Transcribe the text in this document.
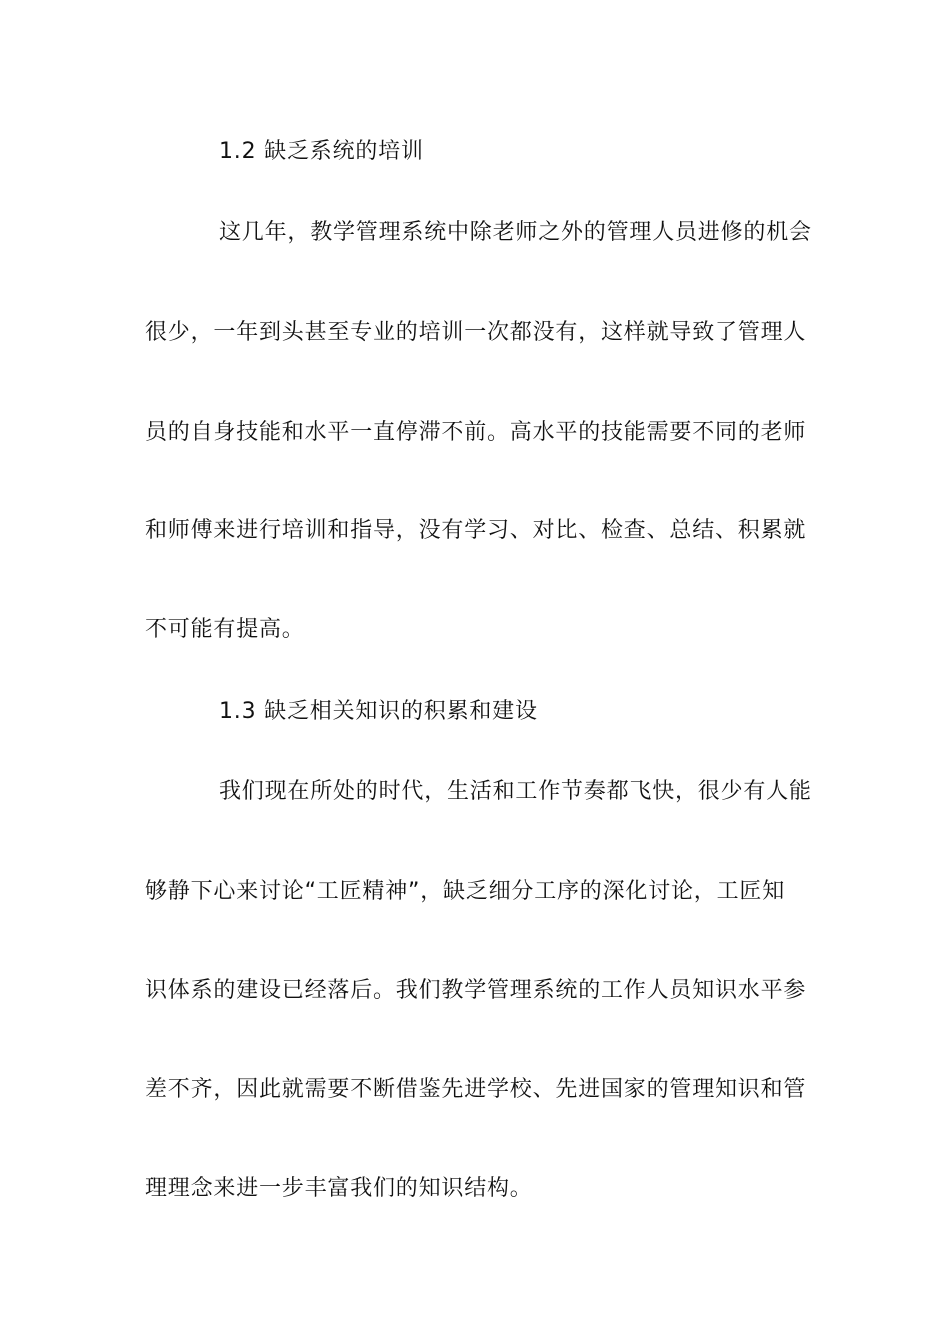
1.2 缺乏系统的培训
这几年，教学管理系统中除老师之外的管理人员进修的机会
很少，一年到头甚至专业的培训一次都没有，这样就导致了管理人
员的自身技能和水平一直停滞不前。高水平的技能需要不同的老师
和师傅来进行培训和指导，没有学习、对比、检查、总结、积累就
不可能有提高。
1.3 缺乏相关知识的积累和建设
我们现在所处的时代，生活和工作节奏都飞快，很少有人能
够静下心来讨论“工匠精神”，缺乏细分工序的深化讨论，工匠知
识体系的建设已经落后。我们教学管理系统的工作人员知识水平参
差不齐，因此就需要不断借鉴先进学校、先进国家的管理知识和管
理理念来进一步丰富我们的知识结构。
